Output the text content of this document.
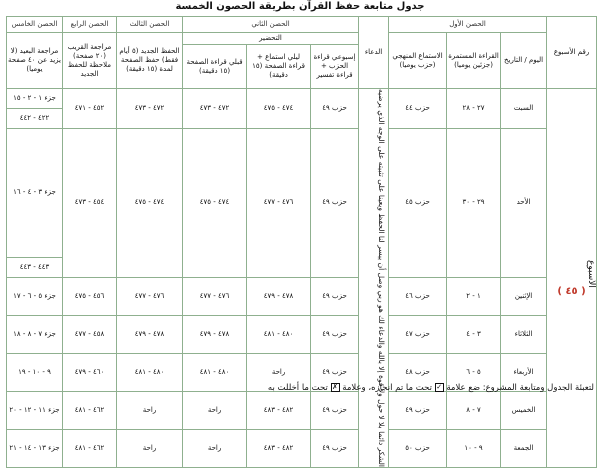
جدول متابعة حفظ القرآن بطريقة الحصون الخمسة
رقم الأسبوع	الحصن الأول			الدعاء	الحصن الثاني			الحصن الثالث	الحصن الرابع	الحصن الخامس
	اليوم / التاريخ	القراءة المستمرة (جزئين يوميا)	الاستماع المنهجي (حزب يوميا)		التحضير			الحفظ الجديد (٥ أيام فقط) حفظ الصفحة لمدة (١٥ دقيقة)	مراجعة القريب (٢٠ صفحة) ملاحظة للحفظ الجديد	مراجعة البعيد (لا يزيد عن ٤٠ صفحة يوميا)
					إسبوعي قراءة الحزب + قراءة تفسير	ليلي استماع + قراءة الصفحة (١٥ دقيقة)	قبلي قراءة الصفحة (١٥ دقيقة)			

الأسبوع
( ٤٥ )	السبت	٢٧ - ٢٨	حزب ٤٤	الشكر دائما بلا لا حول ولا قوة إلا بالله والدعاء لك هو ربي وصل أن ييسر لنا الحفظ ويعينا على تثبيته على الوجه الذي يرضيه	حزب ٤٩	٤٧٤ - ٤٧٥	٤٧٢ - ٤٧٣	٤٧٢ - ٤٧٣	٤٥٢ - ٤٧١	جزء ١ - ٢ - ١٥
										٤٢٢ - ٤٤٢
	الأحد	٢٩ - ٣٠	حزب ٤٥		حزب ٤٩	٤٧٦ - ٤٧٧	٤٧٤ - ٤٧٥	٤٧٤ - ٤٧٥	٤٥٤ - ٤٧٣	جزء ٣ - ٤ - ١٦
										٤٤٣ - ٤٤٣
	الإثنين	١ - ٢	حزب ٤٦		حزب ٤٩	٤٧٨ - ٤٧٩	٤٧٦ - ٤٧٧	٤٧٦ - ٤٧٧	٤٥٦ - ٤٧٥	جزء ٥ - ٦ - ١٧
	الثلاثاء	٣ - ٤	حزب ٤٧		حزب ٤٩	٤٨٠ - ٤٨١	٤٧٨ - ٤٧٩	٤٧٨ - ٤٧٩	٤٥٨ - ٤٧٧	جزء ٧ - ٨ - ١٨
	الأربعاء	٥ - ٦	حزب ٤٨		حزب ٤٩	راحة	٤٨٠ - ٤٨١	٤٨٠ - ٤٨١	٤٦٠ - ٤٧٩	٩ - ١٠ - ١٩
	الخميس	٧ - ٨	حزب ٤٩		حزب ٤٩	٤٨٢ - ٤٨٣	راحة	راحة	٤٦٢ - ٤٨١	جزء ١١ - ١٢ - ٢٠
	الجمعة	٩ - ١٠	حزب ٥٠		حزب ٤٩	٤٨٢ - ٤٨٣	راحة	راحة	٤٦٢ - ٤٨١	جزء ١٣ - ١٤ - ٢١
لتعبئة الجدول ومتابعة المشروع: ضع علامة ✓ تحت ما تم انجازه، وعلامة ✗ تحت ما أخللت به
